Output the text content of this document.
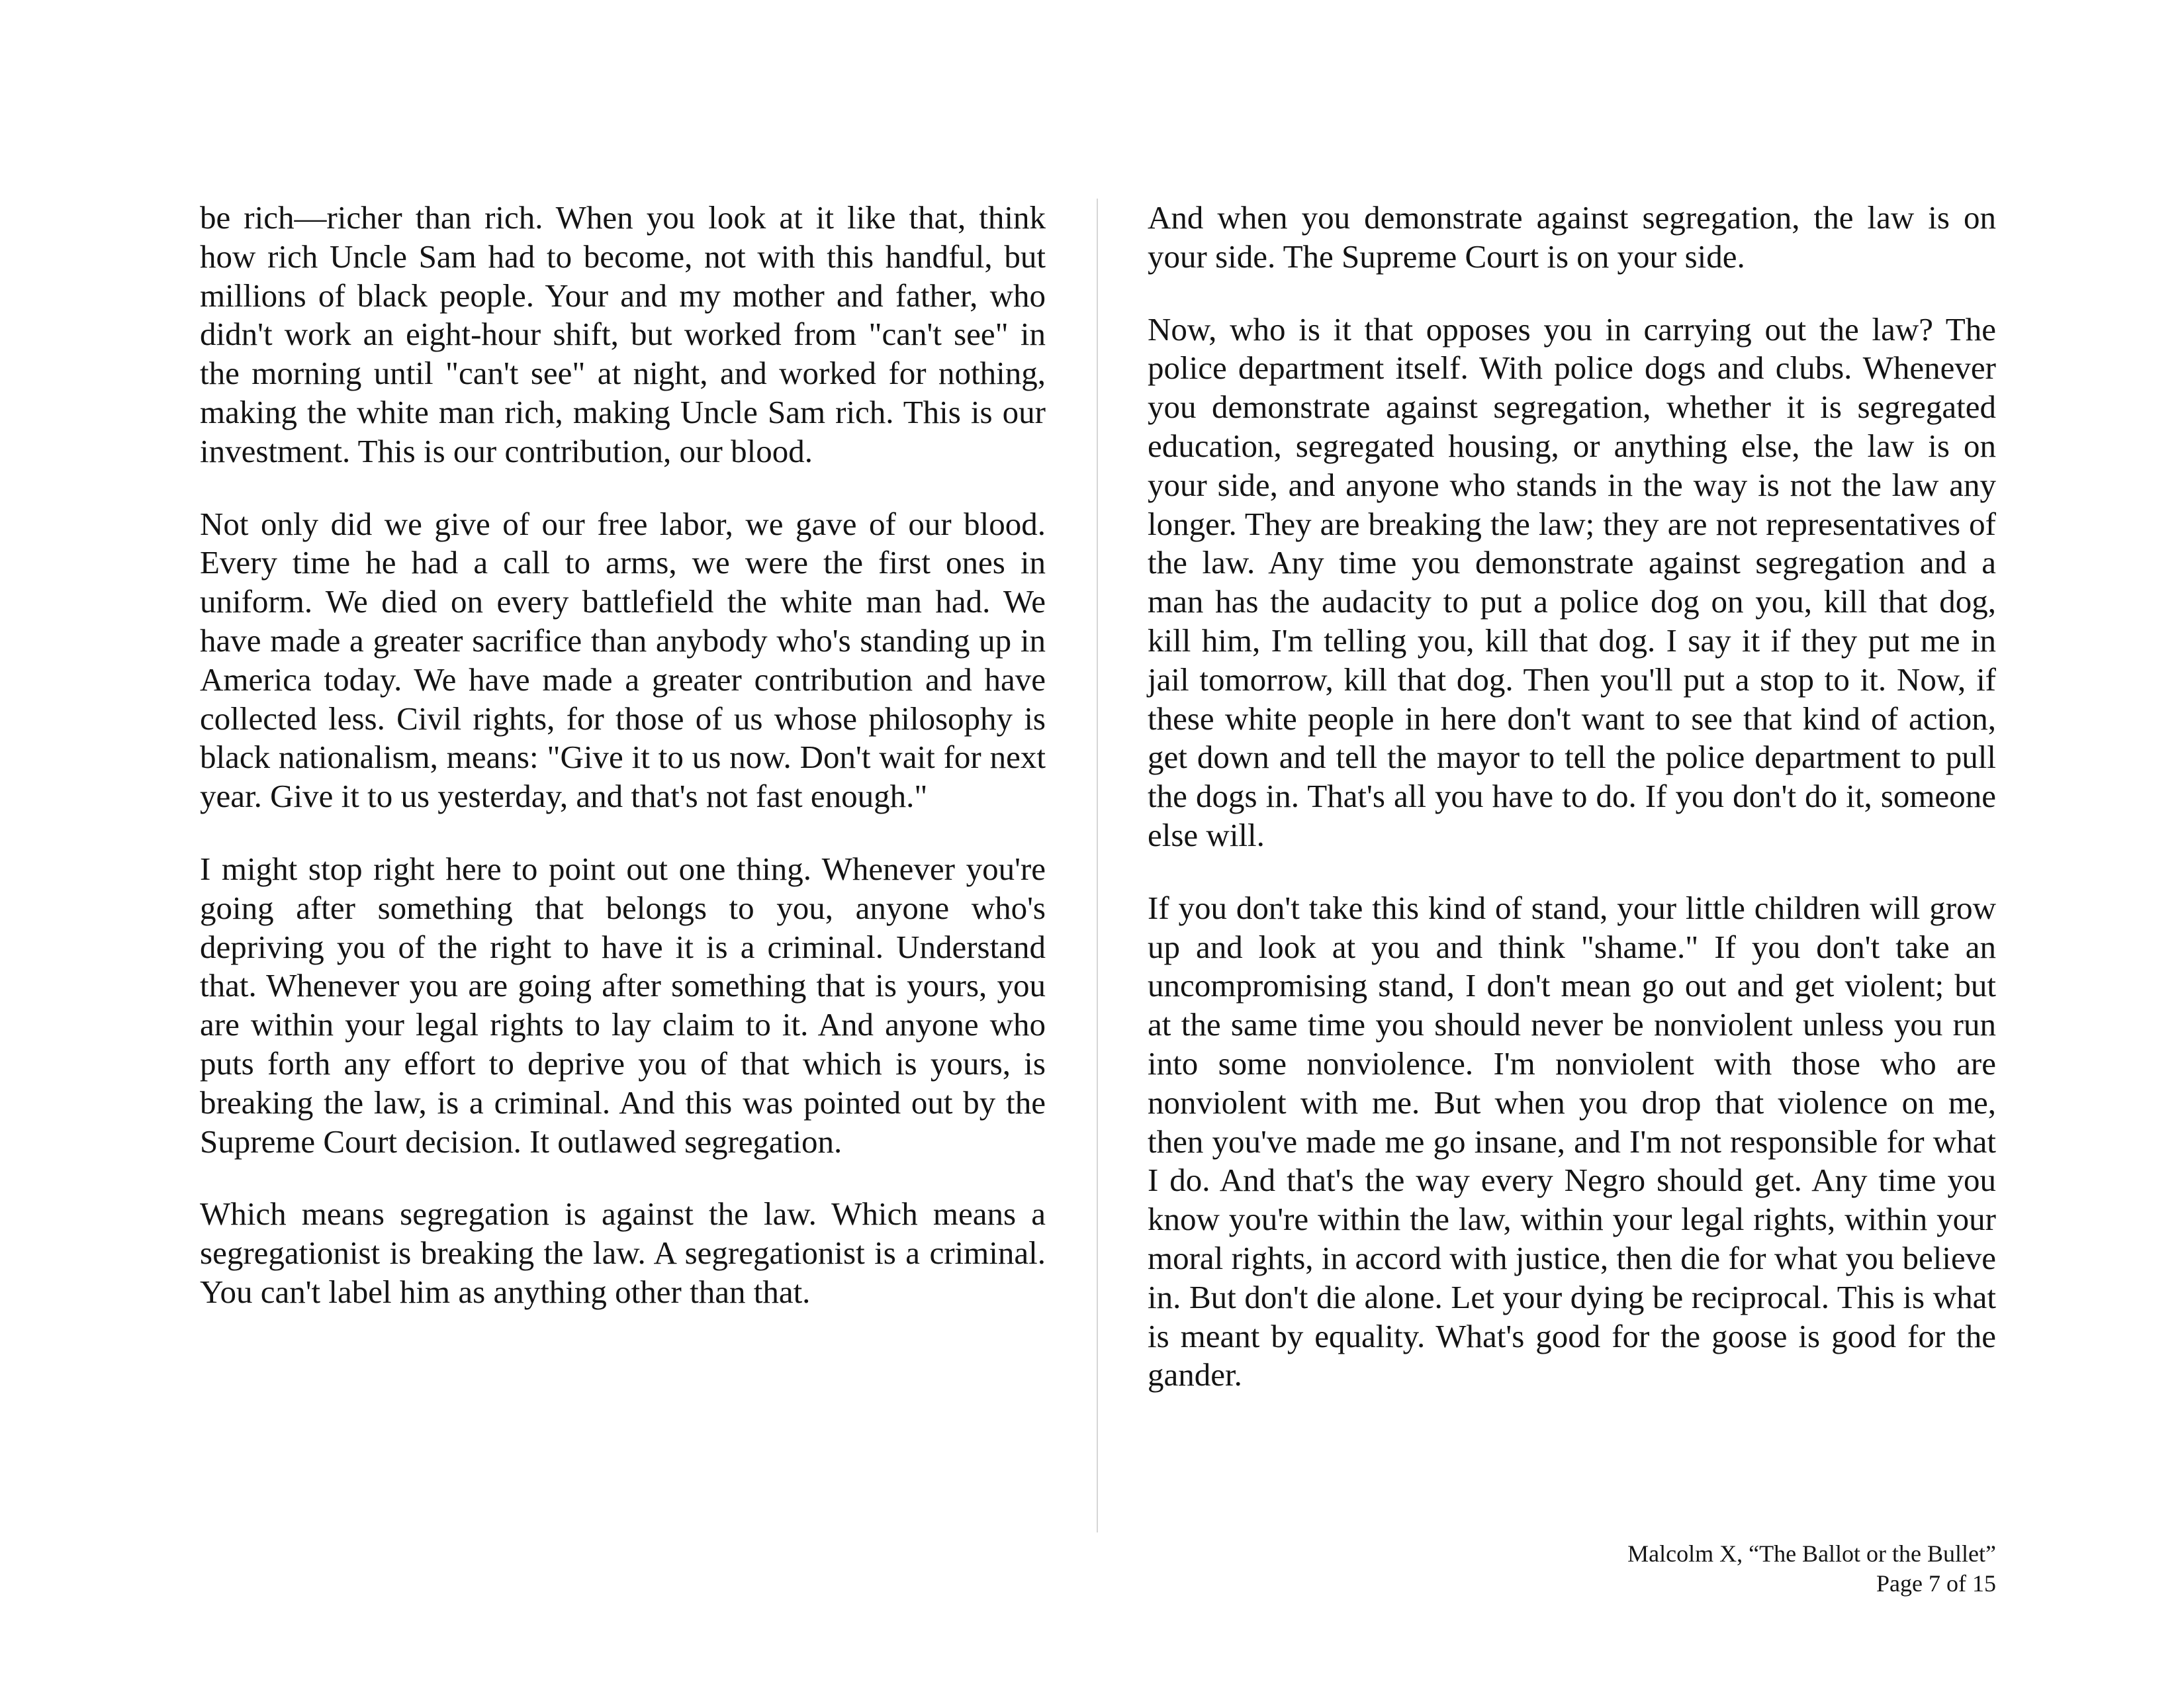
be rich—richer than rich. When you look at it like that, think how rich Uncle Sam had to become, not with this handful, but millions of black people. Your and my mother and father, who didn't work an eight-hour shift, but worked from "can't see" in the morning until "can't see" at night, and worked for nothing, making the white man rich, making Uncle Sam rich. This is our investment. This is our contribution, our blood.

Not only did we give of our free labor, we gave of our blood. Every time he had a call to arms, we were the first ones in uniform. We died on every battlefield the white man had. We have made a greater sacrifice than anybody who's standing up in America today. We have made a greater contribution and have collected less. Civil rights, for those of us whose philosophy is black nationalism, means: "Give it to us now. Don't wait for next year. Give it to us yesterday, and that's not fast enough."

I might stop right here to point out one thing. Whenever you're going after something that belongs to you, anyone who's depriving you of the right to have it is a criminal. Understand that. Whenever you are going after something that is yours, you are within your legal rights to lay claim to it. And anyone who puts forth any effort to deprive you of that which is yours, is breaking the law, is a criminal. And this was pointed out by the Supreme Court decision. It outlawed segregation.

Which means segregation is against the law. Which means a segregationist is breaking the law. A segregationist is a criminal. You can't label him as anything other than that.

And when you demonstrate against segregation, the law is on your side. The Supreme Court is on your side.

Now, who is it that opposes you in carrying out the law? The police department itself. With police dogs and clubs. Whenever you demonstrate against segregation, whether it is segregated education, segregated housing, or anything else, the law is on your side, and anyone who stands in the way is not the law any longer. They are breaking the law; they are not representatives of the law. Any time you demonstrate against segregation and a man has the audacity to put a police dog on you, kill that dog, kill him, I'm telling you, kill that dog. I say it if they put me in jail tomorrow, kill that dog. Then you'll put a stop to it. Now, if these white people in here don't want to see that kind of action, get down and tell the mayor to tell the police department to pull the dogs in. That's all you have to do. If you don't do it, someone else will.

If you don't take this kind of stand, your little children will grow up and look at you and think "shame." If you don't take an uncompromising stand, I don't mean go out and get violent; but at the same time you should never be nonviolent unless you run into some nonviolence. I'm nonviolent with those who are nonviolent with me. But when you drop that violence on me, then you've made me go insane, and I'm not responsible for what I do. And that's the way every Negro should get. Any time you know you're within the law, within your legal rights, within your moral rights, in accord with justice, then die for what you believe in. But don't die alone. Let your dying be reciprocal. This is what is meant by equality. What's good for the goose is good for the gander.

Malcolm X, “The Ballot or the Bullet”
Page 7 of 15
